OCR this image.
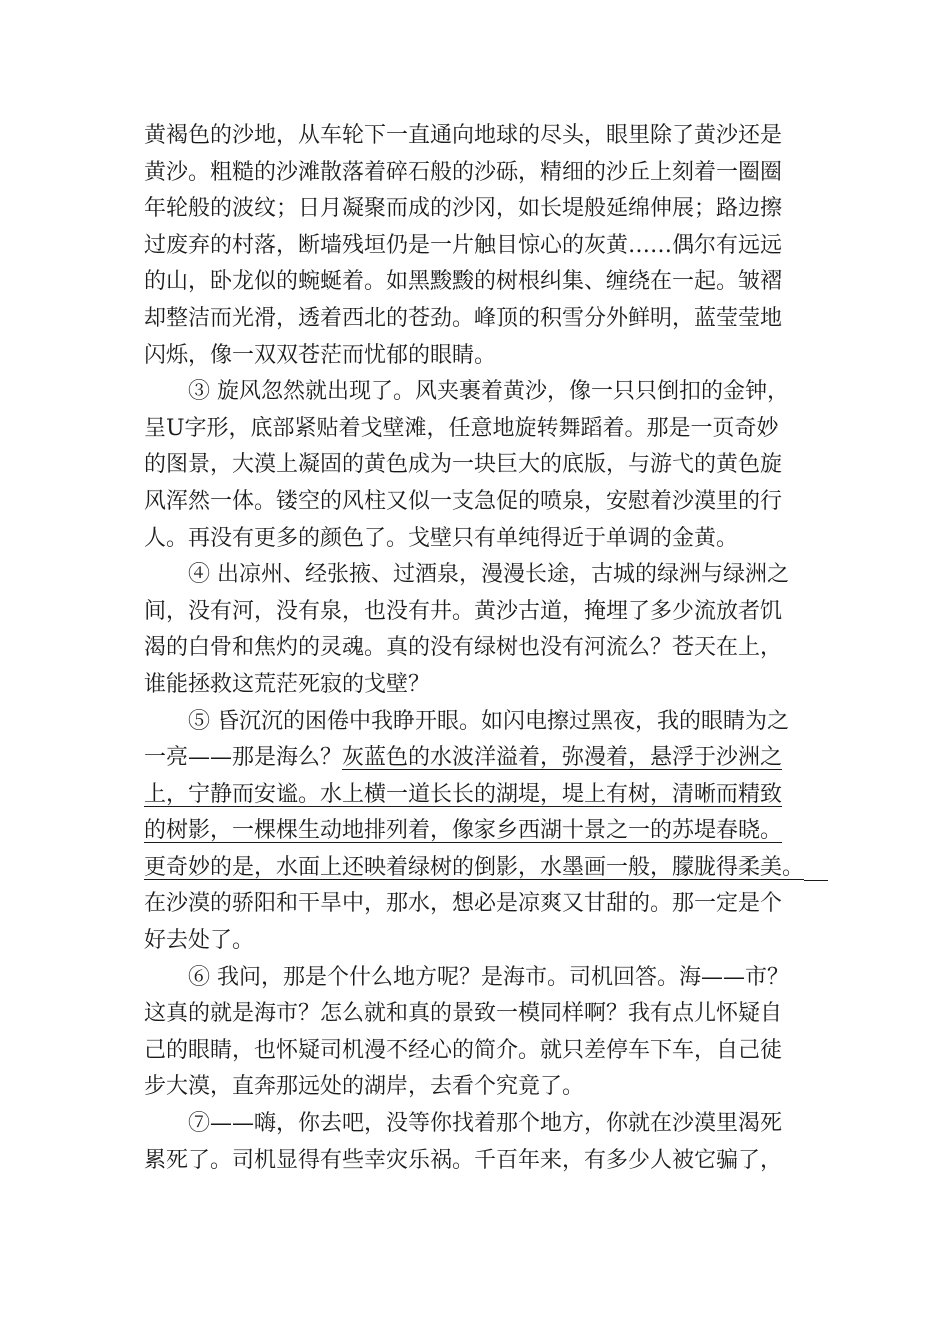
黄褐色的沙地，从车轮下一直通向地球的尽头，眼里除了黄沙还是
黄沙。粗糙的沙滩散落着碎石般的沙砾，精细的沙丘上刻着一圈圈
年轮般的波纹；日月凝聚而成的沙冈，如长堤般延绵伸展；路边擦
过废弃的村落，断墙残垣仍是一片触目惊心的灰黄……偶尔有远远
的山，卧龙似的蜿蜒着。如黑黢黢的树根纠集、缠绕在一起。皱褶
却整洁而光滑，透着西北的苍劲。峰顶的积雪分外鲜明，蓝莹莹地
闪烁，像一双双苍茫而忧郁的眼睛。
③ 旋风忽然就出现了。风夹裹着黄沙，像一只只倒扣的金钟，
呈U字形，底部紧贴着戈壁滩，任意地旋转舞蹈着。那是一页奇妙
的图景，大漠上凝固的黄色成为一块巨大的底版，与游弋的黄色旋
风浑然一体。镂空的风柱又似一支急促的喷泉，安慰着沙漠里的行
人。再没有更多的颜色了。戈壁只有单纯得近于单调的金黄。
④ 出凉州、经张掖、过酒泉，漫漫长途，古城的绿洲与绿洲之
间，没有河，没有泉，也没有井。黄沙古道，掩埋了多少流放者饥
渴的白骨和焦灼的灵魂。真的没有绿树也没有河流么？苍天在上，
谁能拯救这荒茫死寂的戈壁？
⑤ 昏沉沉的困倦中我睁开眼。如闪电擦过黑夜，我的眼睛为之
一亮——那是海么？灰蓝色的水波洋溢着，弥漫着，悬浮于沙洲之
上，宁静而安谧。水上横一道长长的湖堤，堤上有树，清晰而精致
的树影，一棵棵生动地排列着，像家乡西湖十景之一的苏堤春晓。
更奇妙的是，水面上还映着绿树的倒影，水墨画一般，朦胧得柔美。
在沙漠的骄阳和干旱中，那水，想必是凉爽又甘甜的。那一定是个
好去处了。
⑥ 我问，那是个什么地方呢？是海市。司机回答。海——市？
这真的就是海市？怎么就和真的景致一模同样啊？我有点儿怀疑自
己的眼睛，也怀疑司机漫不经心的简介。就只差停车下车，自己徒
步大漠，直奔那远处的湖岸，去看个究竟了。
⑦——嗨，你去吧，没等你找着那个地方，你就在沙漠里渴死
累死了。司机显得有些幸灾乐祸。千百年来，有多少人被它骗了，
